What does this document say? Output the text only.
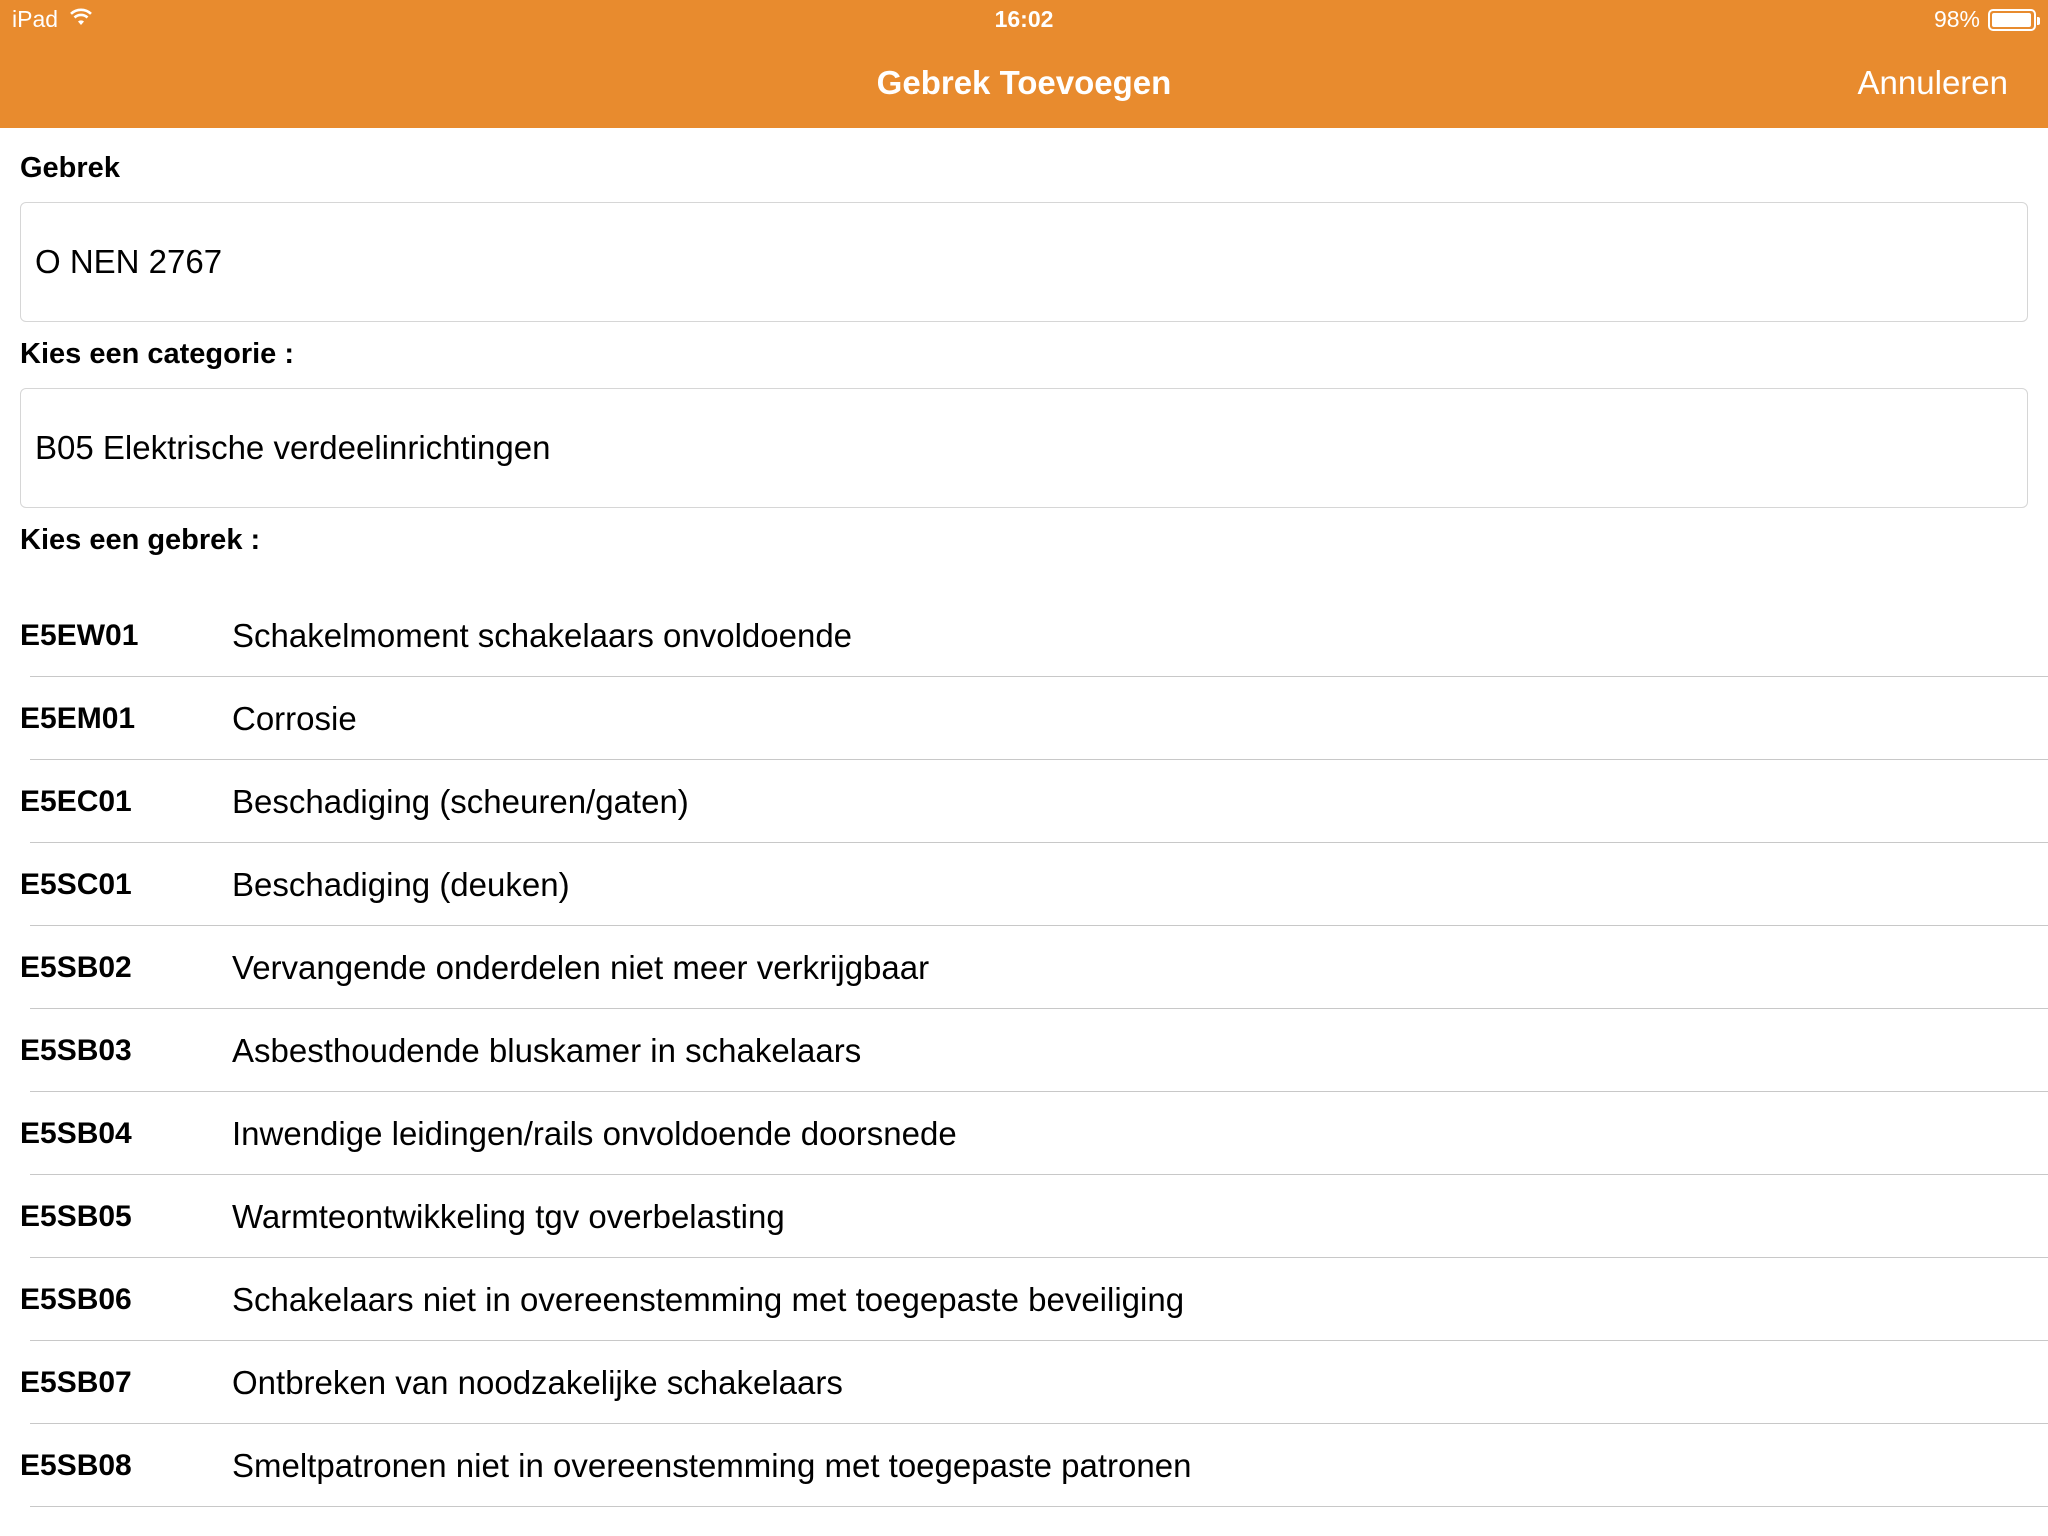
iPad	16:02	98%
Gebrek Toevoegen	Annuleren
Gebrek
O NEN 2767
Kies een categorie :
B05 Elektrische verdeelinrichtingen
Kies een gebrek :
E5EW01	Schakelmoment schakelaars onvoldoende
E5EM01	Corrosie
E5EC01	Beschadiging (scheuren/gaten)
E5SC01	Beschadiging (deuken)
E5SB02	Vervangende onderdelen niet meer verkrijgbaar
E5SB03	Asbesthoudende bluskamer in schakelaars
E5SB04	Inwendige leidingen/rails onvoldoende doorsnede
E5SB05	Warmteontwikkeling tgv overbelasting
E5SB06	Schakelaars niet in overeenstemming met toegepaste beveiliging
E5SB07	Ontbreken van noodzakelijke schakelaars
E5SB08	Smeltpatronen niet in overeenstemming met toegepaste patronen
